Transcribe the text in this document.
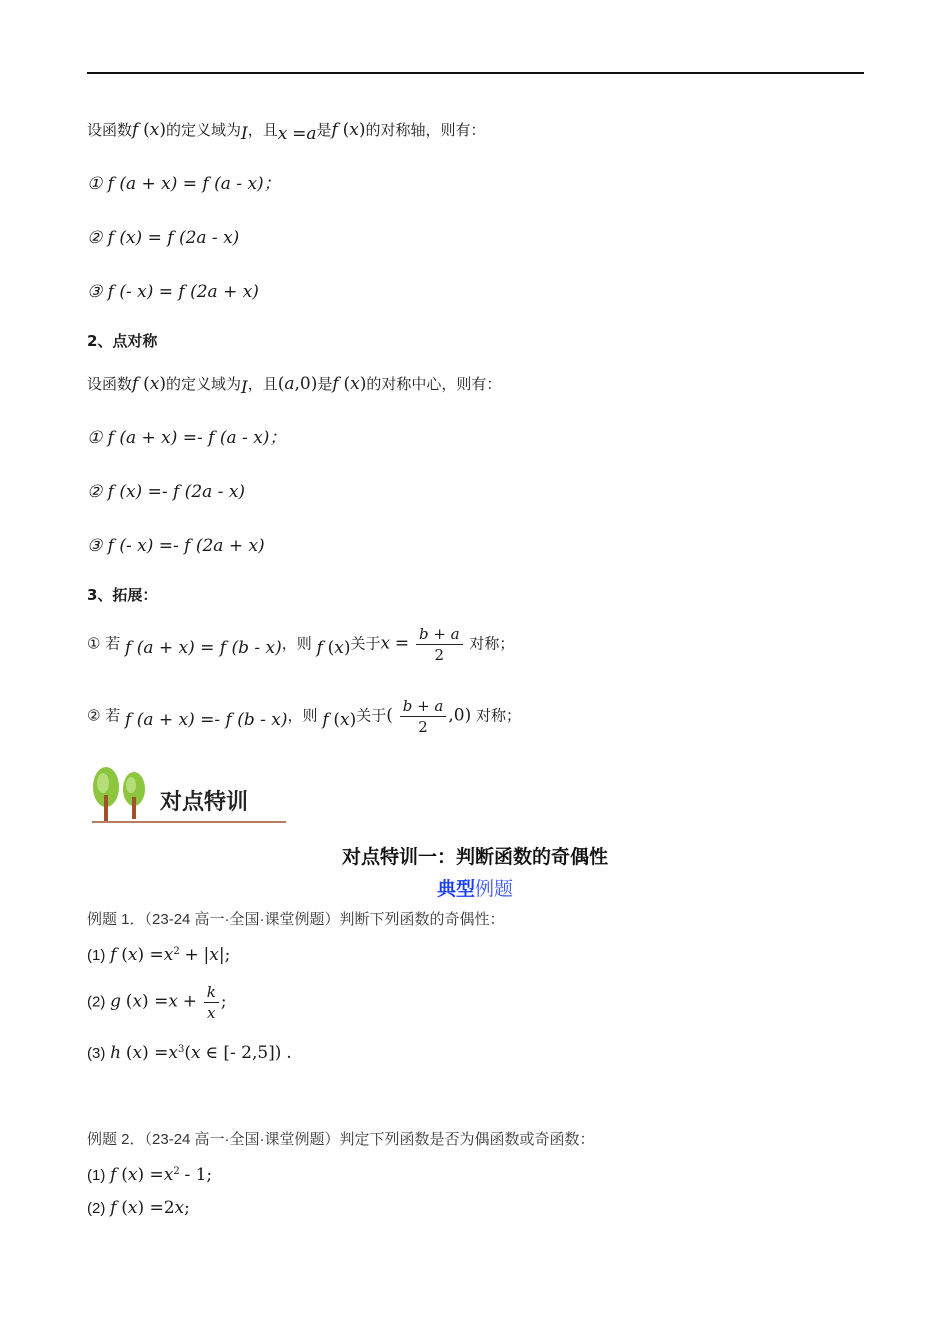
设函数f (x)的定义域为I，且x =a是f (x)的对称轴，则有：
① f (a + x) = f (a - x)；
② f (x) = f (2a - x)
③ f (- x) = f (2a + x)
2、点对称
设函数f (x)的定义域为I，且(a,0)是f (x)的对称中心，则有：
① f (a + x) =- f (a - x)；
② f (x) =- f (2a - x)
③ f (- x) =- f (2a + x)
3、拓展：
① 若 f (a + x) = f (b - x)，则 f (x)关于$x = \frac{b + a}{2}$ 对称；
② 若 f (a + x) =- f (b - x)，则 f (x)关于( $\frac{b + a}{2} ,0$) 对称；
对点特训
对点特训一：判断函数的奇偶性
典型例题
例题 1．（23-24 高一·全国·课堂例题）判断下列函数的奇偶性：
(1) f $(x) =x^2 + |x|$;
(2) g $(x) =x + \frac{k}{x}$ ;
(3) h $(x) =x^3(x$ ∈ [- 2,5]) .
例题 2．（23-24 高一·全国·课堂例题）判定下列函数是否为偶函数或奇函数：
(1) f $(x) =x^2 - 1$;
(2) f (x) =2x;
